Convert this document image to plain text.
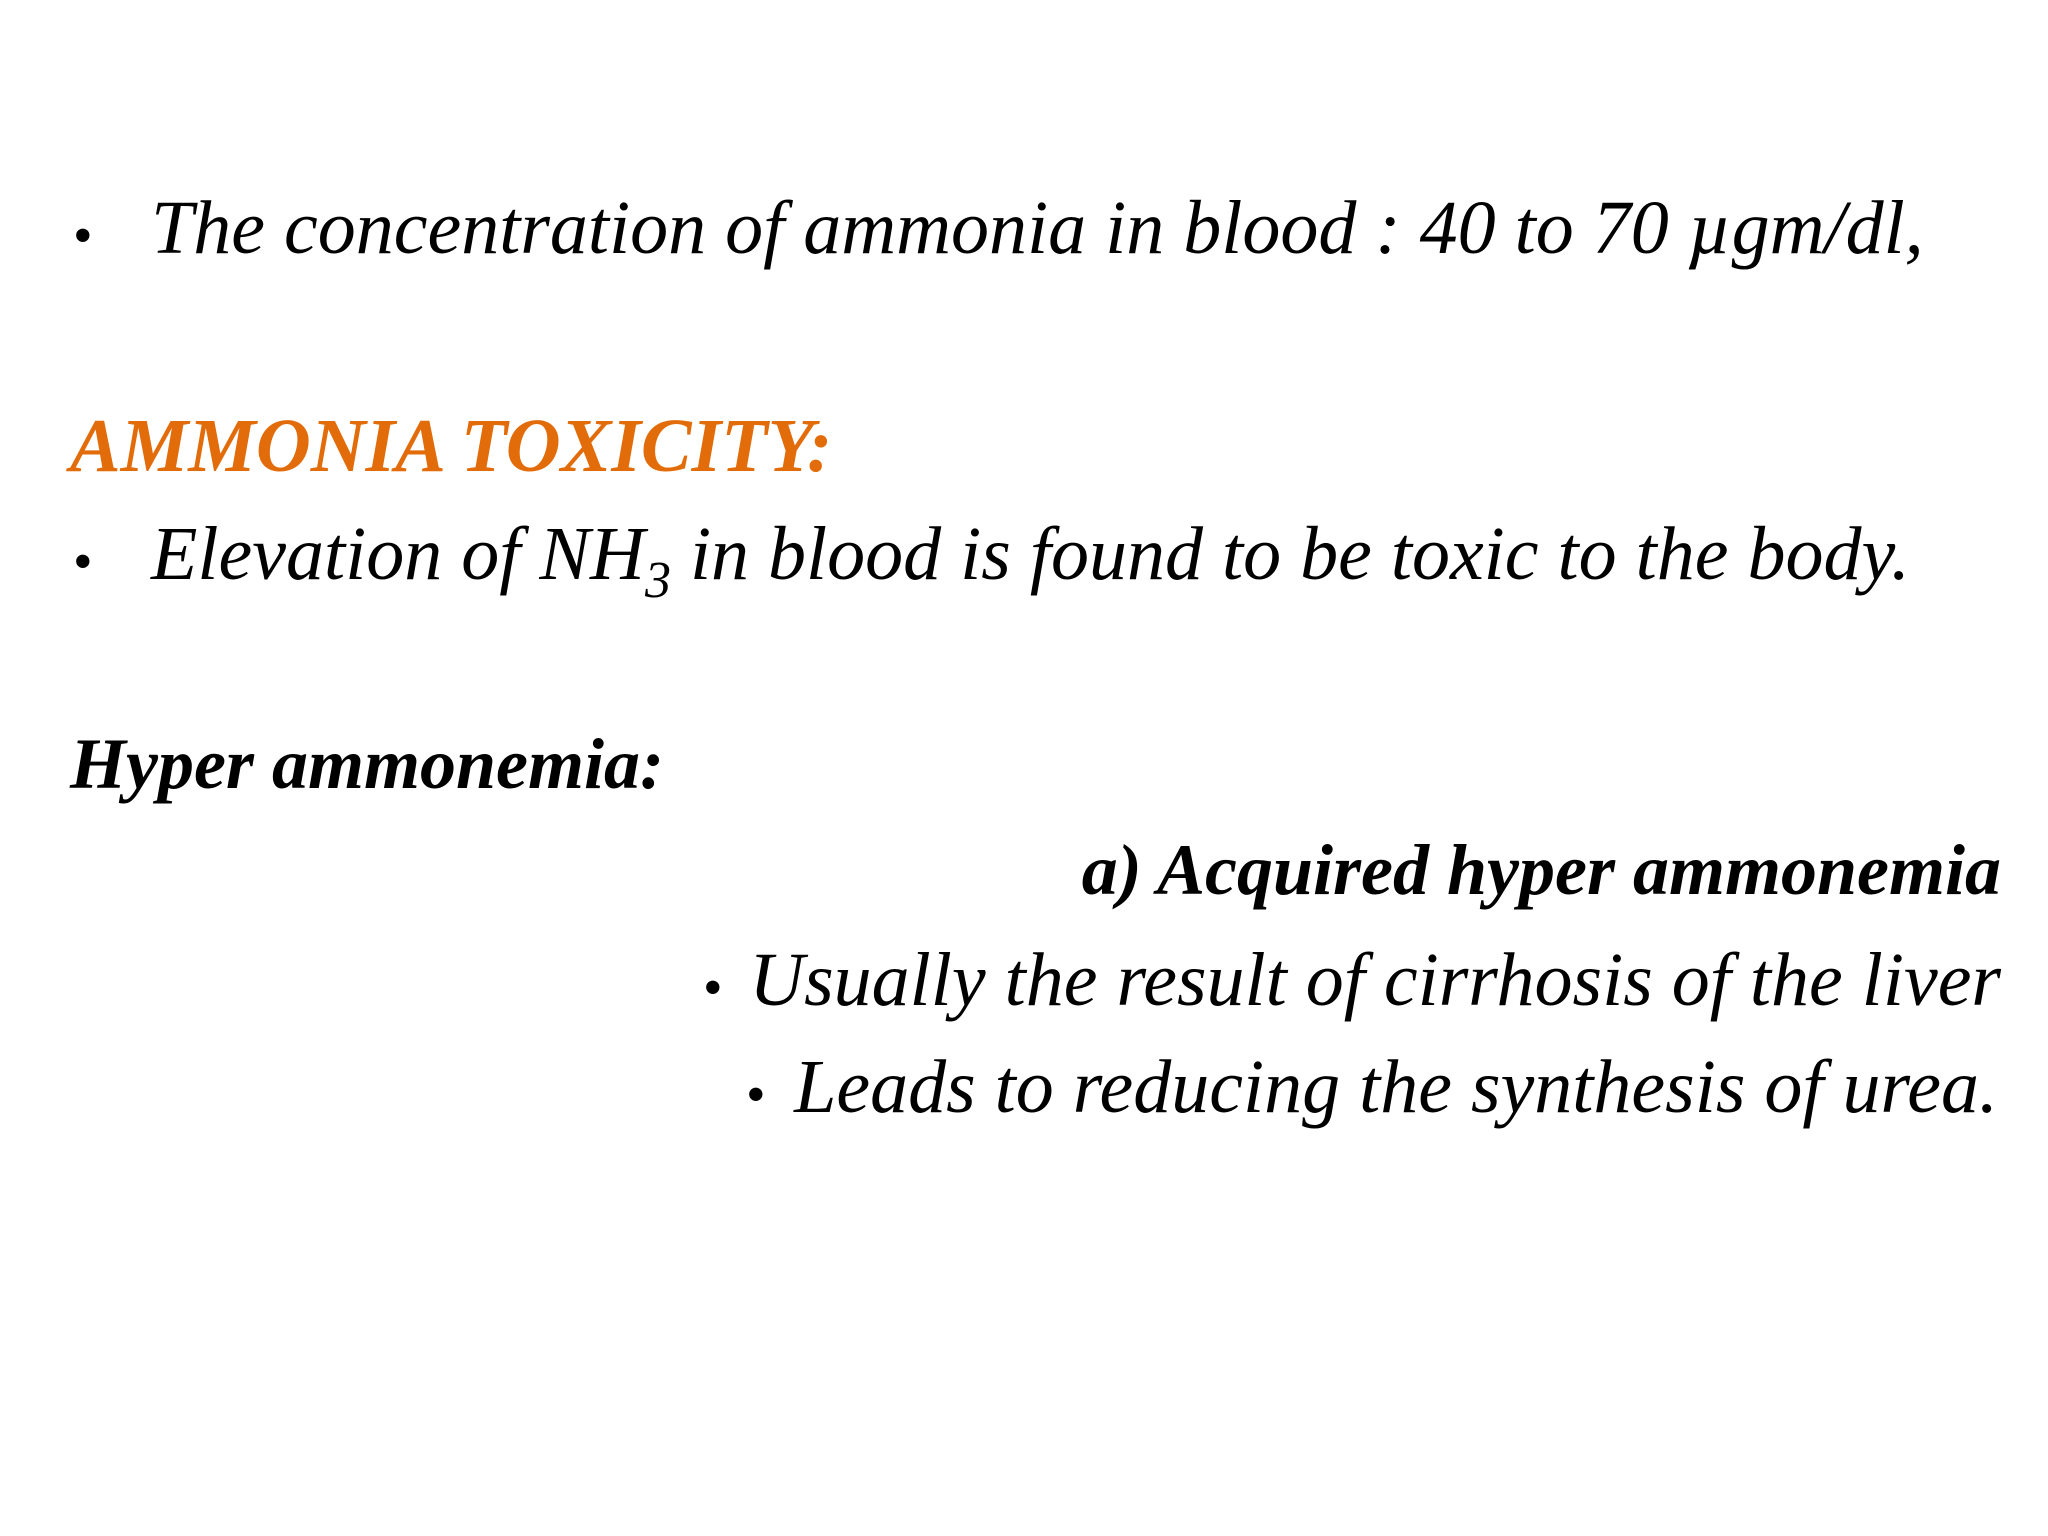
• The concentration of ammonia in blood : 40 to 70 µgm/dl,
AMMONIA TOXICITY:
• Elevation of $NH_3$ in blood is found to be toxic to the body.
Hyper ammonemia:
a) Acquired hyper ammonemia
• Usually the result of cirrhosis of the liver
• Leads to reducing the synthesis of urea.
